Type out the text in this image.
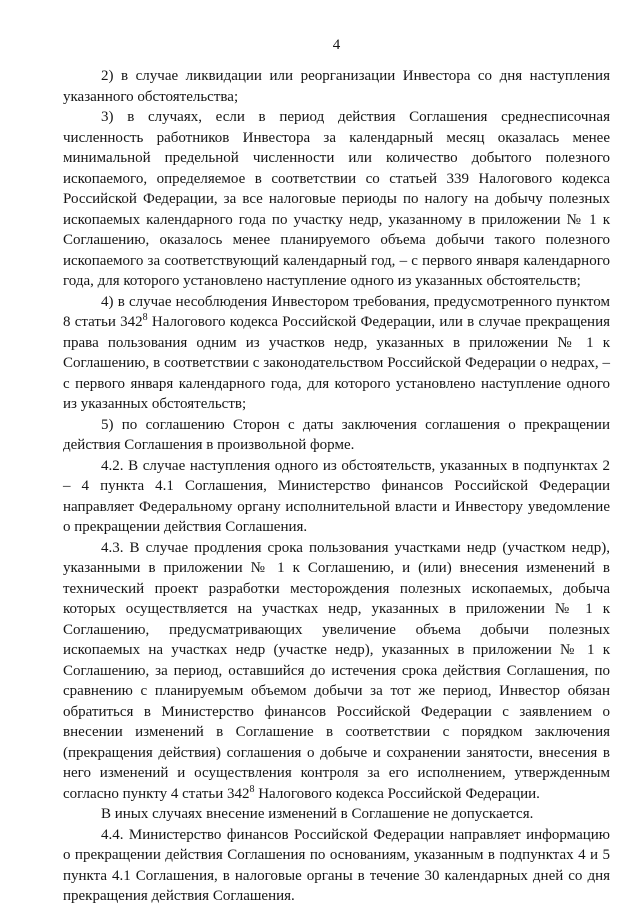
4

2) в случае ликвидации или реорганизации Инвестора со дня наступления указанного обстоятельства;

3) в случаях, если в период действия Соглашения среднесписочная численность работников Инвестора за календарный месяц оказалась менее минимальной предельной численности или количество добытого полезного ископаемого, определяемое в соответствии со статьей 339 Налогового кодекса Российской Федерации, за все налоговые периоды по налогу на добычу полезных ископаемых календарного года по участку недр, указанному в приложении № 1 к Соглашению, оказалось менее планируемого объема добычи такого полезного ископаемого за соответствующий календарный год, – с первого января календарного года, для которого установлено наступление одного из указанных обстоятельств;

4) в случае несоблюдения Инвестором требования, предусмотренного пунктом 8 статьи $342^8$ Налогового кодекса Российской Федерации, или в случае прекращения права пользования одним из участков недр, указанных в приложении № 1 к Соглашению, в соответствии с законодательством Российской Федерации о недрах, – с первого января календарного года, для которого установлено наступление одного из указанных обстоятельств;

5) по соглашению Сторон с даты заключения соглашения о прекращении действия Соглашения в произвольной форме.

4.2. В случае наступления одного из обстоятельств, указанных в подпунктах 2 – 4 пункта 4.1 Соглашения, Министерство финансов Российской Федерации направляет Федеральному органу исполнительной власти и Инвестору уведомление о прекращении действия Соглашения.

4.3. В случае продления срока пользования участками недр (участком недр), указанными в приложении № 1 к Соглашению, и (или) внесения изменений в технический проект разработки месторождения полезных ископаемых, добыча которых осуществляется на участках недр, указанных в приложении № 1 к Соглашению, предусматривающих увеличение объема добычи полезных ископаемых на участках недр (участке недр), указанных в приложении № 1 к Соглашению, за период, оставшийся до истечения срока действия Соглашения, по сравнению с планируемым объемом добычи за тот же период, Инвестор обязан обратиться в Министерство финансов Российской Федерации с заявлением о внесении изменений в Соглашение в соответствии с порядком заключения (прекращения действия) соглашения о добыче и сохранении занятости, внесения в него изменений и осуществления контроля за его исполнением, утвержденным согласно пункту 4 статьи $342^8$ Налогового кодекса Российской Федерации.

В иных случаях внесение изменений в Соглашение не допускается.

4.4. Министерство финансов Российской Федерации направляет информацию о прекращении действия Соглашения по основаниям, указанным в подпунктах 4 и 5 пункта 4.1 Соглашения, в налоговые органы в течение 30 календарных дней со дня прекращения действия Соглашения.
